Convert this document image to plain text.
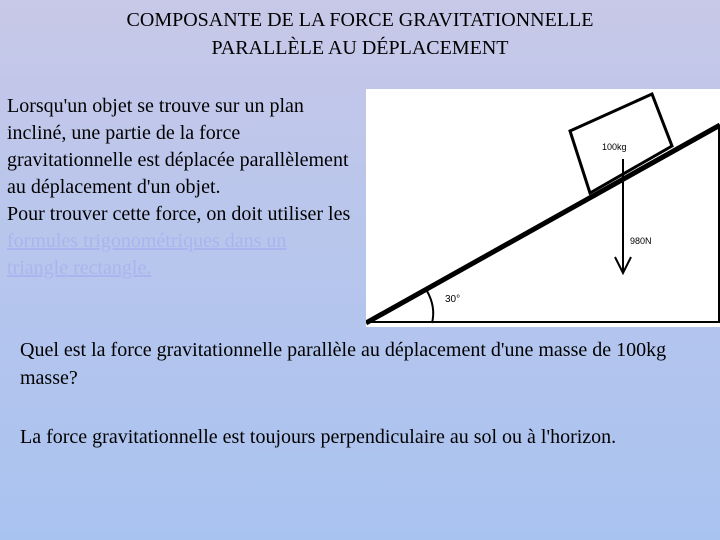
COMPOSANTE DE LA FORCE GRAVITATIONNELLE
PARALLÈLE AU DÉPLACEMENT
Lorsqu'un objet se trouve sur un plan incliné, une partie de la force gravitationnelle est déplacée parallèlement au déplacement d'un objet.
Pour trouver cette force, on doit utiliser les formules trigonométriques dans un triangle rectangle.
100kg
980N
30°
Quel est la force gravitationnelle parallèle au déplacement d'une masse de 100kg masse?
La force gravitationnelle est toujours perpendiculaire au sol ou à l'horizon.
